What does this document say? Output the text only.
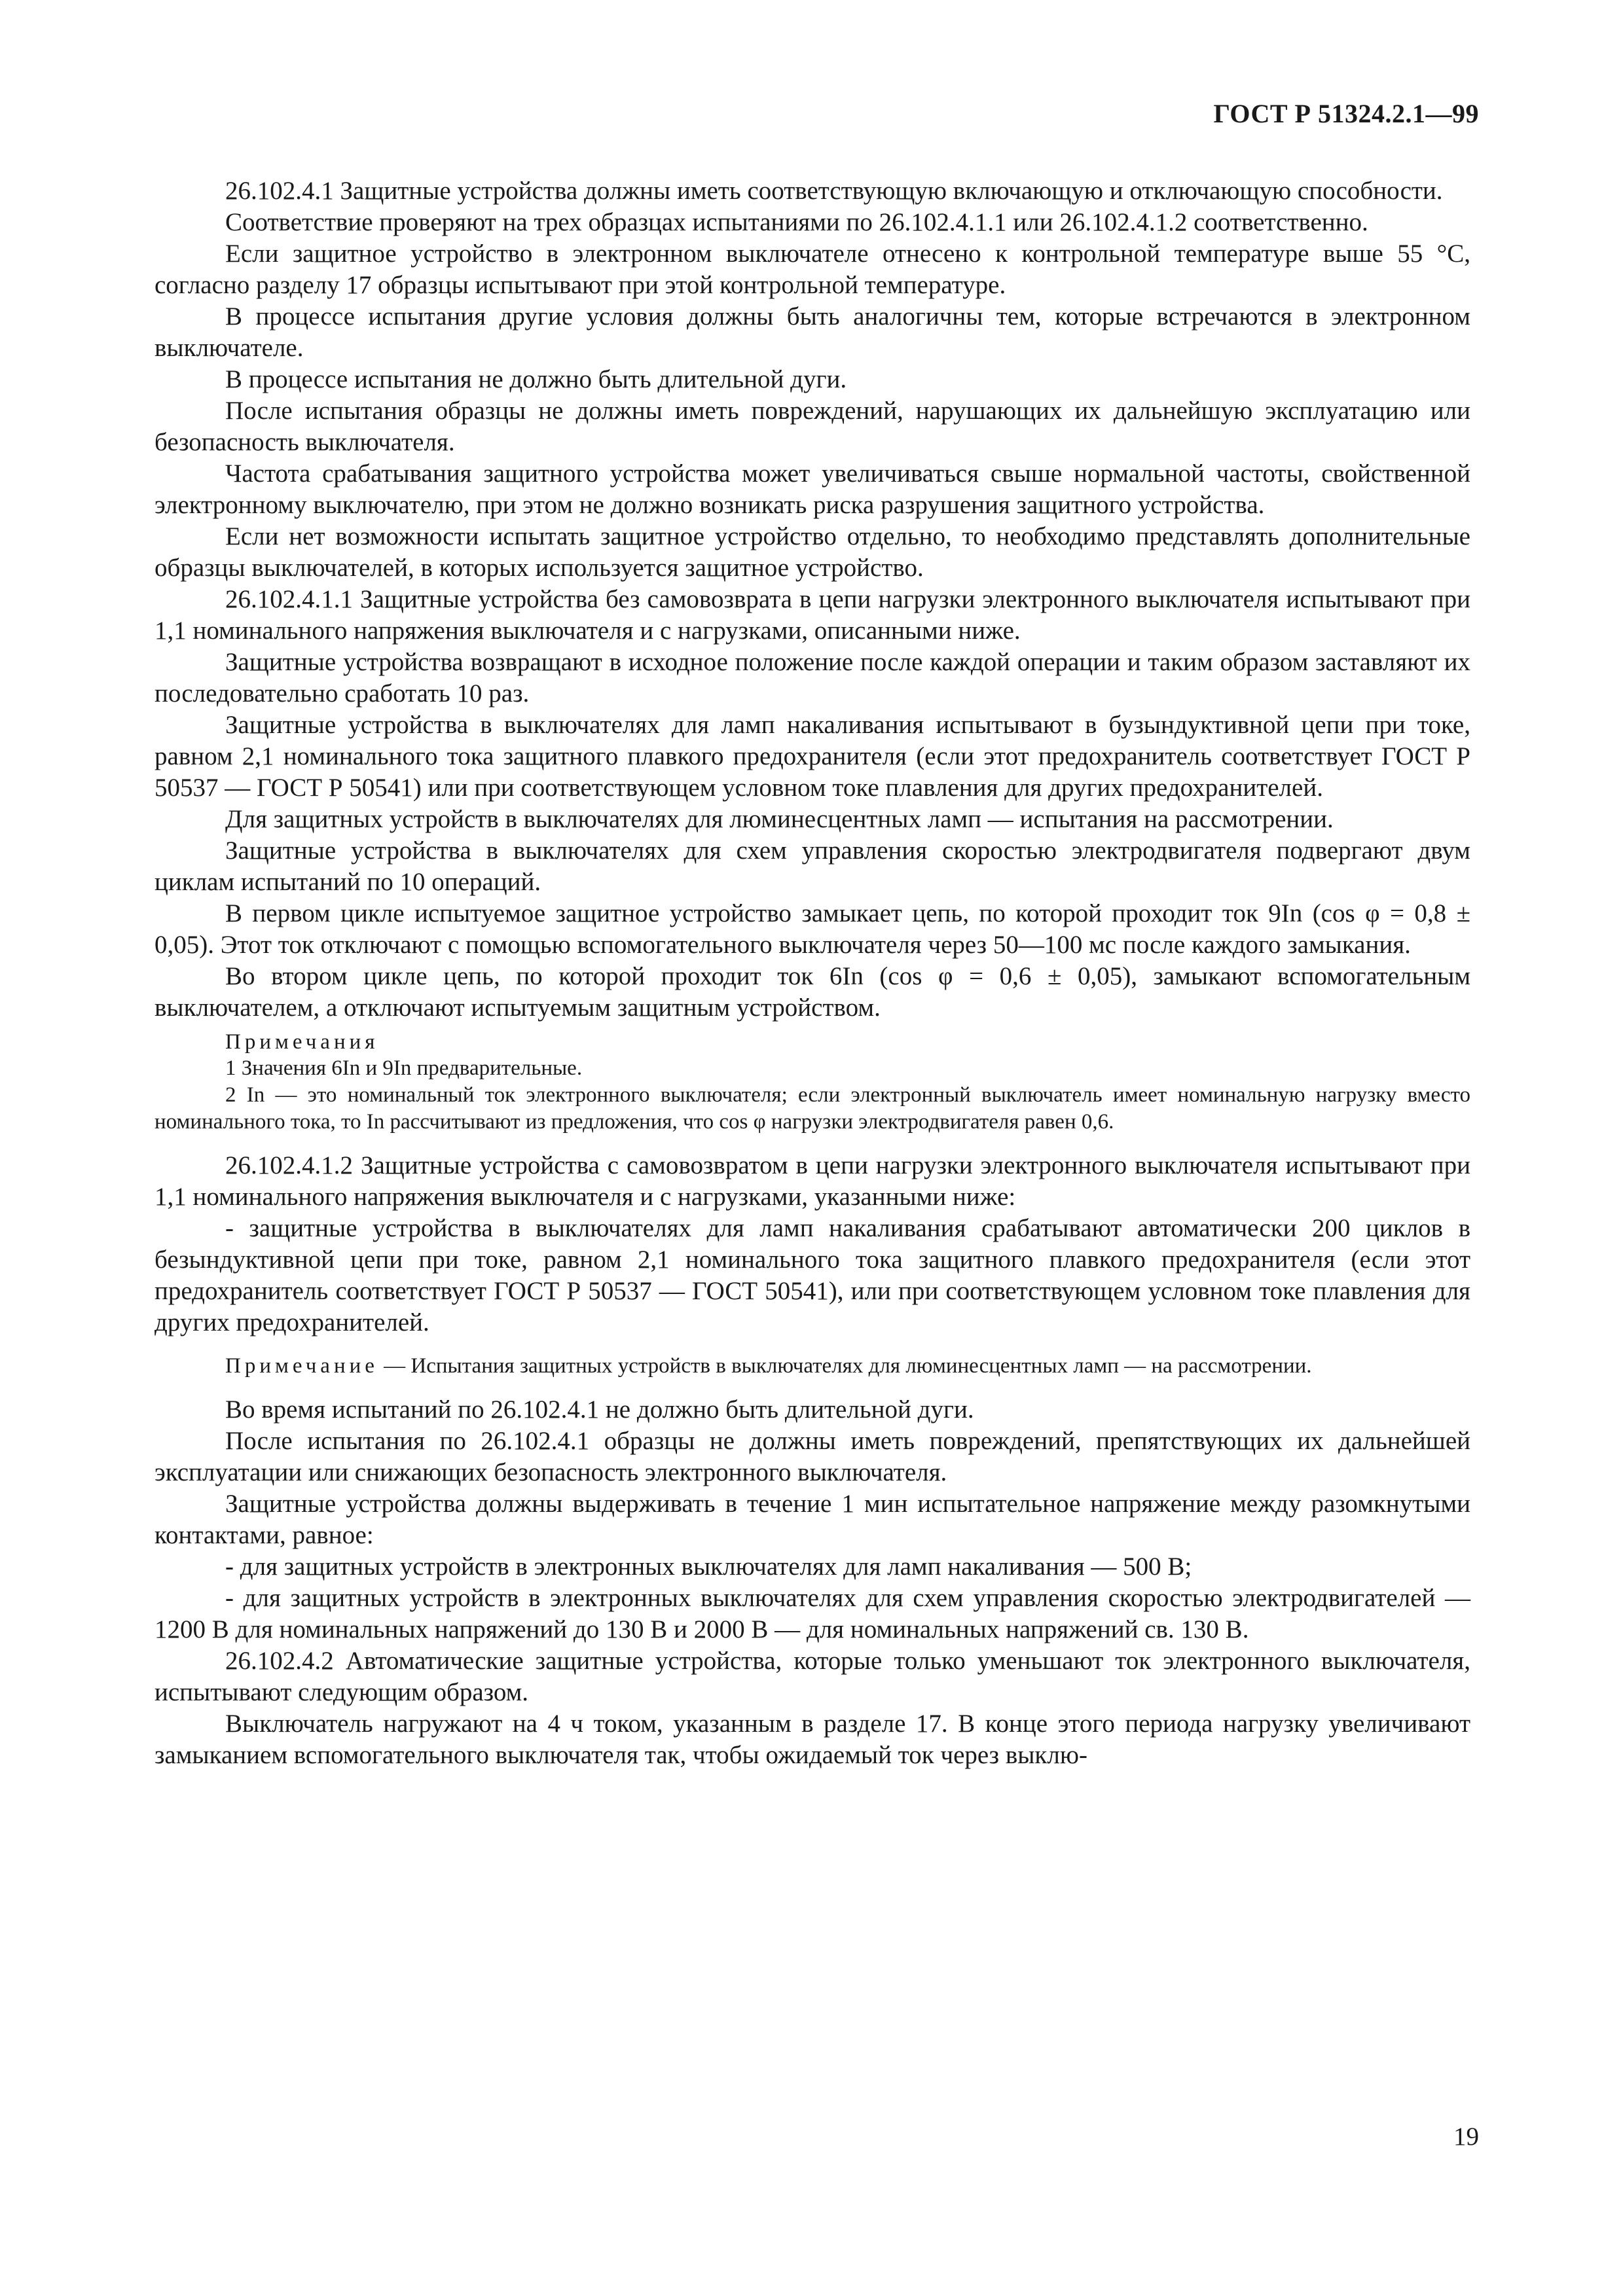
ГОСТ Р 51324.2.1—99

26.102.4.1 Защитные устройства должны иметь соответствующую включающую и отключающую способности.

Соответствие проверяют на трех образцах испытаниями по 26.102.4.1.1 или 26.102.4.1.2 соответственно.

Если защитное устройство в электронном выключателе отнесено к контрольной температуре выше 55 °С, согласно разделу 17 образцы испытывают при этой контрольной температуре.

В процессе испытания другие условия должны быть аналогичны тем, которые встречаются в электронном выключателе.

В процессе испытания не должно быть длительной дуги.

После испытания образцы не должны иметь повреждений, нарушающих их дальнейшую эксплуатацию или безопасность выключателя.

Частота срабатывания защитного устройства может увеличиваться свыше нормальной частоты, свойственной электронному выключателю, при этом не должно возникать риска разрушения защитного устройства.

Если нет возможности испытать защитное устройство отдельно, то необходимо представлять дополнительные образцы выключателей, в которых используется защитное устройство.

26.102.4.1.1 Защитные устройства без самовозврата в цепи нагрузки электронного выключателя испытывают при 1,1 номинального напряжения выключателя и с нагрузками, описанными ниже.

Защитные устройства возвращают в исходное положение после каждой операции и таким образом заставляют их последовательно сработать 10 раз.

Защитные устройства в выключателях для ламп накаливания испытывают в бузындуктивной цепи при токе, равном 2,1 номинального тока защитного плавкого предохранителя (если этот предохранитель соответствует ГОСТ Р 50537 — ГОСТ Р 50541) или при соответствующем условном токе плавления для других предохранителей.

Для защитных устройств в выключателях для люминесцентных ламп — испытания на рассмотрении.

Защитные устройства в выключателях для схем управления скоростью электродвигателя подвергают двум циклам испытаний по 10 операций.

В первом цикле испытуемое защитное устройство замыкает цепь, по которой проходит ток 9In (cos φ = 0,8 ± 0,05). Этот ток отключают с помощью вспомогательного выключателя через 50—100 мс после каждого замыкания.

Во втором цикле цепь, по которой проходит ток 6In (cos φ = 0,6 ± 0,05), замыкают вспомогательным выключателем, а отключают испытуемым защитным устройством.

Примечания

1 Значения 6In и 9In предварительные.

2 In — это номинальный ток электронного выключателя; если электронный выключатель имеет номинальную нагрузку вместо номинального тока, то In рассчитывают из предложения, что cos φ нагрузки электродвигателя равен 0,6.

26.102.4.1.2 Защитные устройства с самовозвратом в цепи нагрузки электронного выключателя испытывают при 1,1 номинального напряжения выключателя и с нагрузками, указанными ниже:

- защитные устройства в выключателях для ламп накаливания срабатывают автоматически 200 циклов в безындуктивной цепи при токе, равном 2,1 номинального тока защитного плавкого предохранителя (если этот предохранитель соответствует ГОСТ Р 50537 — ГОСТ 50541), или при соответствующем условном токе плавления для других предохранителей.

Примечание — Испытания защитных устройств в выключателях для люминесцентных ламп — на рассмотрении.

Во время испытаний по 26.102.4.1 не должно быть длительной дуги.

После испытания по 26.102.4.1 образцы не должны иметь повреждений, препятствующих их дальнейшей эксплуатации или снижающих безопасность электронного выключателя.

Защитные устройства должны выдерживать в течение 1 мин испытательное напряжение между разомкнутыми контактами, равное:

- для защитных устройств в электронных выключателях для ламп накаливания — 500 В;

- для защитных устройств в электронных выключателях для схем управления скоростью электродвигателей — 1200 В для номинальных напряжений до 130 В и 2000 В — для номинальных напряжений св. 130 В.

26.102.4.2 Автоматические защитные устройства, которые только уменьшают ток электронного выключателя, испытывают следующим образом.

Выключатель нагружают на 4 ч током, указанным в разделе 17. В конце этого периода нагрузку увеличивают замыканием вспомогательного выключателя так, чтобы ожидаемый ток через выклю-

19
